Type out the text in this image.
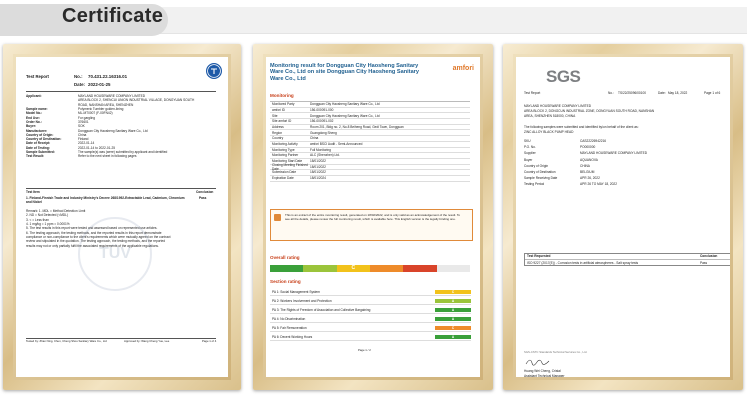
Certificate
Test Report	No.: 70.431.22.16316.01
Date: 2022-01-25
Applicant:	MAYLAND HOUSEWARE COMPANY LIMITED
AREA BLOCK 2, SHENCUI UNION INDUSTRIAL VILLAGE, DONGYUAN SOUTH
ROAD, NANSHAN AREA, SHENZHEN
Sample name:	Polymeric Tumbler golden-lining
Model No.:	ML-MT0007 (F-00FN42)
End Use:	For gargling
Order No.:	376601
Buyer:	SOK
Manufacturer:	Dongguan City Haosheng Sanitary Ware Co., Ltd
Country of Origin:	China
Country of Destination:	Finland
Date of Receipt:	2022-01-14
Date of Testing:	2022-01-14 to 2022-01-25
Sample Submitted:	The sample(s) was (were) submitted by applicant and identified
Test Result:	Refer to the next sheet in following pages
Test Item	Conclusion
1. Finland-Finnish Trade and Industry Ministry's Decree 268/1992-Extractable Lead, Cadmium, Chromium and Nickel
Pass
Remark: 1. MDL = Method Detection Limit
2. ND = Not Detected (<MDL)
3. < = Less than
4. 1 mg/kg = 1 ppm = 0.0001%
5. The test results in this report were tested and assessed based on represented use articles.
6. The testing approach, the testing methods, and the reported results in this report demonstrate
compliance or non-compliance to the client's requirements which were mutually agreed on the contract
review and stipulated in the quotation. The testing approach, the testing methods, and the reported
results may not or only partially fulfil the associated requirements of the applicable regulations.
TÜV
Tested by: Zhan Ning, Chen, Cheng Shou Sanitary Ware Co., Ltd	Approved by: Wang Cheng Yue, Lee	Page 1 of 4
Monitoring result for Dongguan City Haosheng Sanitary Ware Co., Ltd on site Dongguan City Haosheng Sanitary Ware Co., Ltd
amfori
Monitoring
Monitored Party	Dongguan City Haosheng Sanitary Ware Co., Ltd
amfori ID	156-000091-000
Site	Dongguan City Haosheng Sanitary Ware Co., Ltd
Site amfori ID	156-000091-002
Address	Room 201, Bldg no. 2, No.8 Beiheng Road, Gedi Town, Dongguan
Region	Guangdong Sheng
Country	China
Monitoring Activity	amfori BSCI Audit - Semi-Announced
Monitoring Type	Full Monitoring
Monitoring Partner	ALC (Shenzhen) Ltd.
Monitoring Start Date	18/01/2022
Closing Meeting Finished Date
18/01/2022
Submission Date	18/01/2022
Expiration Date	18/01/2024
This is an extract of the entire monitoring result, generated on 18/02/2022, and is only valid as an acknowledgement of the result. To see all the details, please review the full monitoring result, which is available here. This English version is the legally binding one.
Overall rating
C
Section rating
PA 1: Social Management System	C
PA 2: Workers Involvement and Protection	A
PA 3: The Rights of Freedom of Association and Collective Bargaining	A
PA 4: No Discrimination	A
PA 5: Fair Remuneration	C
PA 6: Decent Working Hours	A
Page 1 / 2
SGS
Test Report	No.: TS/22/25096/00100	Date: May 18, 2022	Page 1 of 6
MAYLAND HOUSEWARE COMPANY LIMITED
AREA BLOCK 2, DONGCUN INDUSTRIAL ZONE, DONGYUAN SOUTH ROAD, NANSHAN
AREA, SHENZHEN 518000, CHINA
The following samples were submitted and identified by/on behalf of the client as:
ZINC ALLOY BLACK PUMP HEAD
SKU	CAS22226942216
P.O. No.	PO000000
Supplier	MAYLAND HOUSEWARE COMPANY LIMITED
Buyer	AQUANOVA
Country of Origin	CHINA
Country of Destination	BELGIUM
Sample Receiving Date	APR 26, 2022
Testing Period	APR 26 TO MAY 18, 2022
Test Requested	Conclusion
ISO 9227 (2017(E)) - Corrosion tests in artificial atmospheres - Salt spray tests	Pass
Huang Wei Cheng, Cristal
Assistant Technical Manager
SGS-CSTC Standards Technical Services Co., Ltd.
